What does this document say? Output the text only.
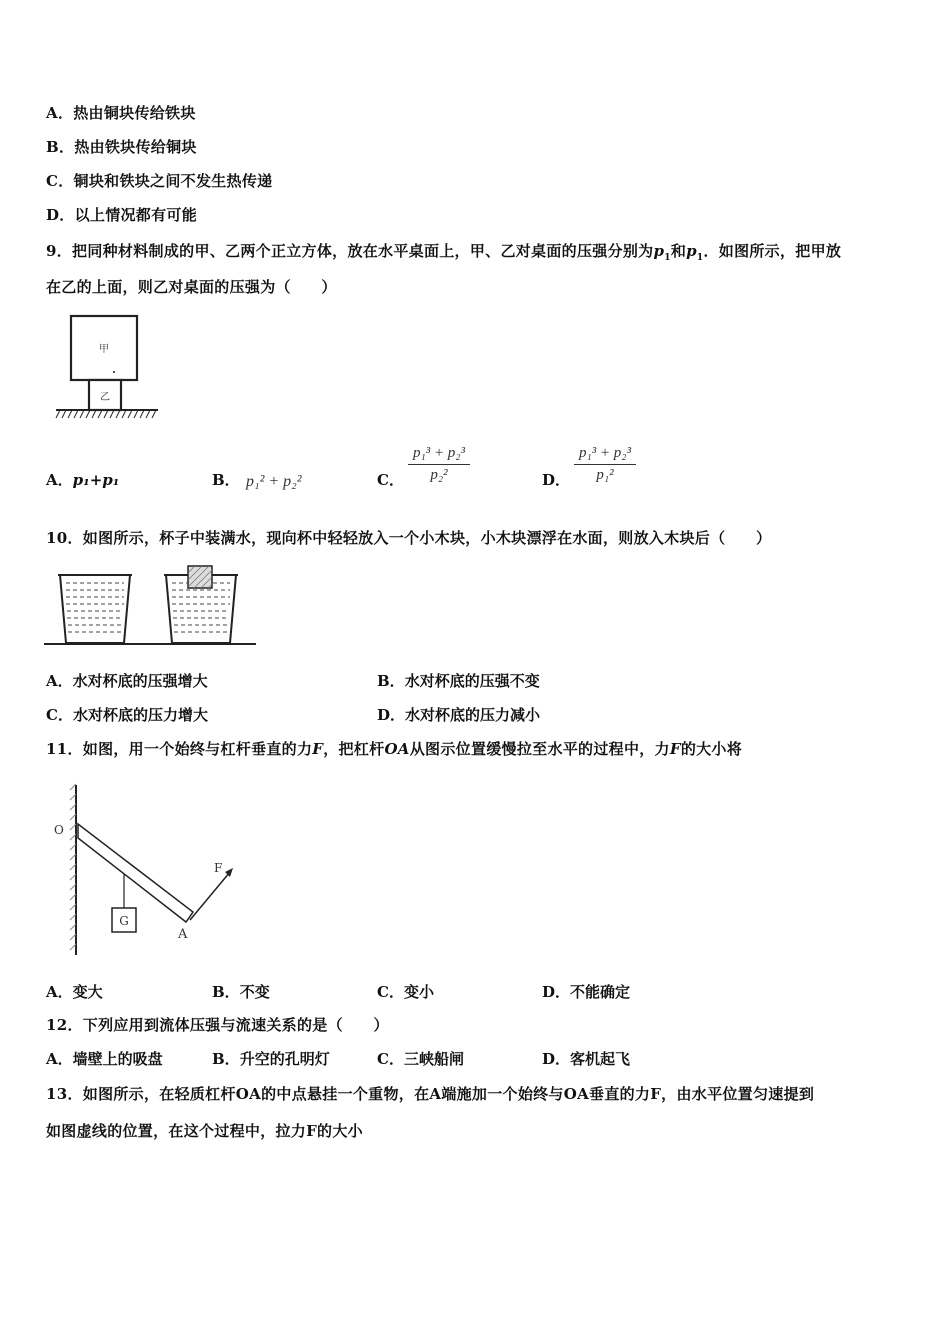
A．热由铜块传给铁块
B．热由铁块传给铜块
C．铜块和铁块之间不发生热传递
D．以上情况都有可能
9．把同种材料制成的甲、乙两个正立方体，放在水平桌面上，甲、乙对桌面的压强分别为$p_1$和$p_1$．如图所示，把甲放
在乙的上面，则乙对桌面的压强为（　　）
甲
乙
A．p₁+p₁	B． p₁² + p₂²	C．
p₁³ + p₂³
p₂²	D．
p₁³ + p₂³
p₁²
10．如图所示，杯子中装满水，现向杯中轻轻放入一个小木块，小木块漂浮在水面，则放入木块后（　　）
A．水对杯底的压强增大	B．水对杯底的压强不变
C．水对杯底的压力增大	D．水对杯底的压力减小
11．如图，用一个始终与杠杆垂直的力F，把杠杆OA从图示位置缓慢拉至水平的过程中，力F的大小将
O
G
A
F
A．变大	B．不变	C．变小	D．不能确定
12．下列应用到流体压强与流速关系的是（　　）
A．墙壁上的吸盘	B．升空的孔明灯	C．三峡船闸	D．客机起飞
13．如图所示，在轻质杠杆OA的中点悬挂一个重物，在A端施加一个始终与OA垂直的力F，由水平位置匀速提到
如图虚线的位置，在这个过程中，拉力F的大小
